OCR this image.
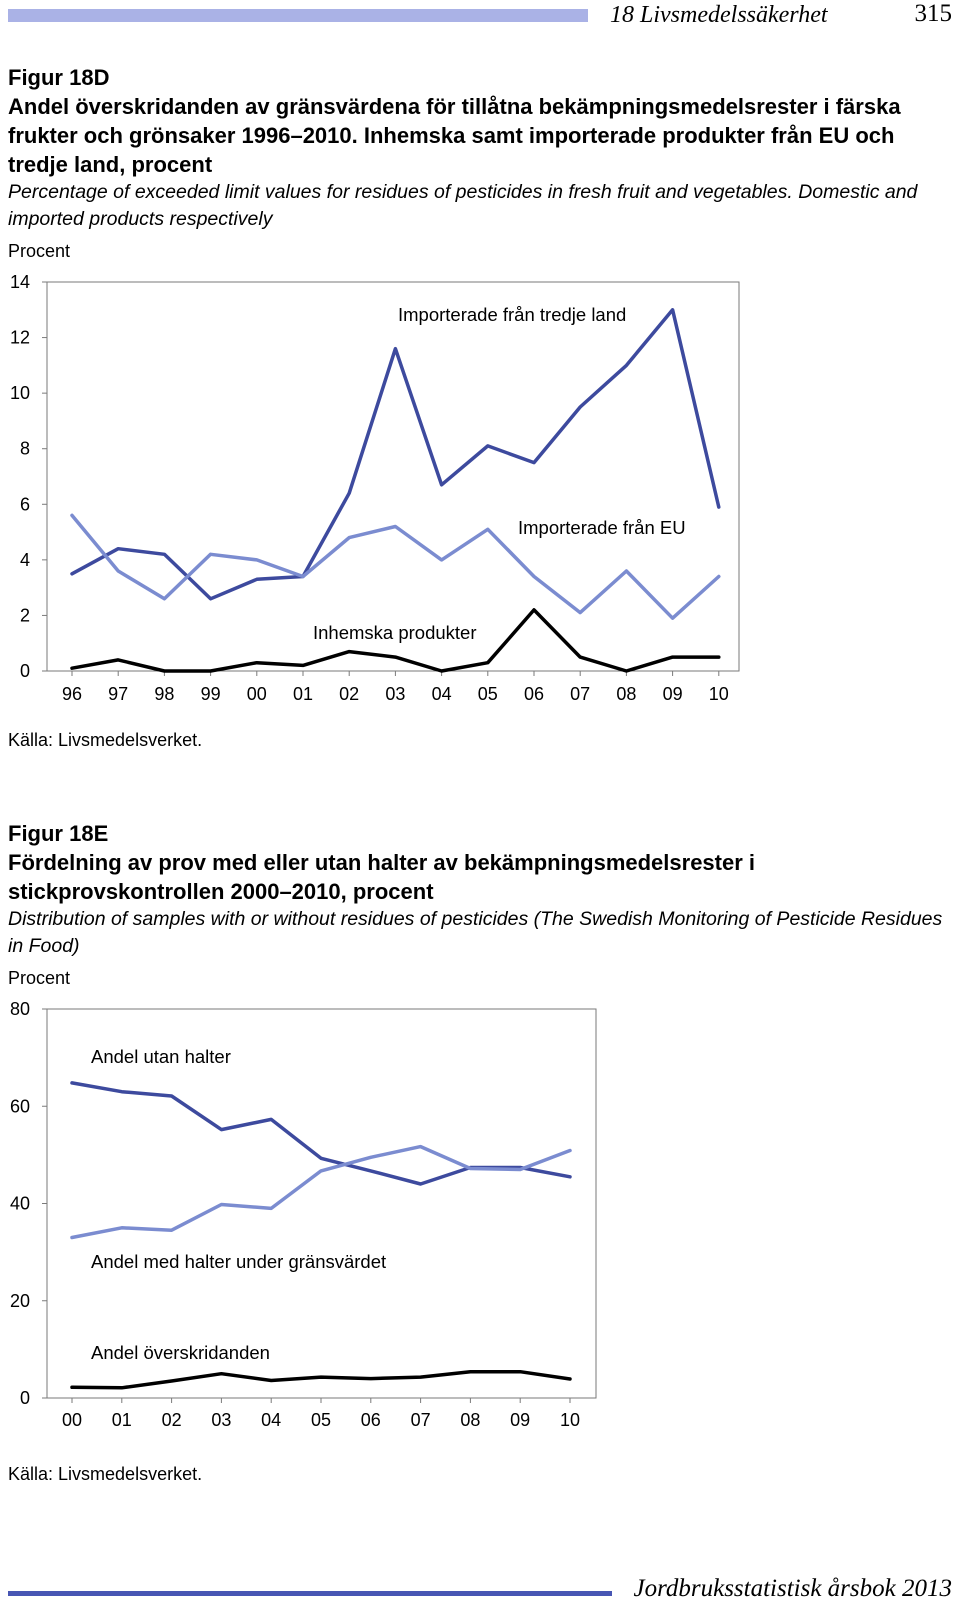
18 Livsmedelssäkerhet	315
Figur 18D
Andel överskridanden av gränsvärdena för tillåtna bekämpningsmedelsrester i färska frukter och grönsaker 1996–2010. Inhemska samt importerade produkter från EU och tredje land, procent
Percentage of exceeded limit values for residues of pesticides in fresh fruit and vegetables. Domestic and imported products respectively
Procent
0
2
4
6
8
10
12
14
96 97 98 99 00 01 02 03 04 05 06 07 08 09 10
Importerade från tredje land
Importerade från EU
Inhemska produkter
Källa: Livsmedelsverket.
Figur 18E
Fördelning av prov med eller utan halter av bekämpningsmedelsrester i stickprovskontrollen 2000–2010, procent
Distribution of samples with or without residues of pesticides (The Swedish Monitoring of Pesticide Residues in Food)
Procent
0
20
40
60
80
00 01 02 03 04 05 06 07 08 09 10
Andel utan halter
Andel med halter under gränsvärdet
Andel överskridanden
Källa: Livsmedelsverket.
Jordbruksstatistisk årsbok 2013
